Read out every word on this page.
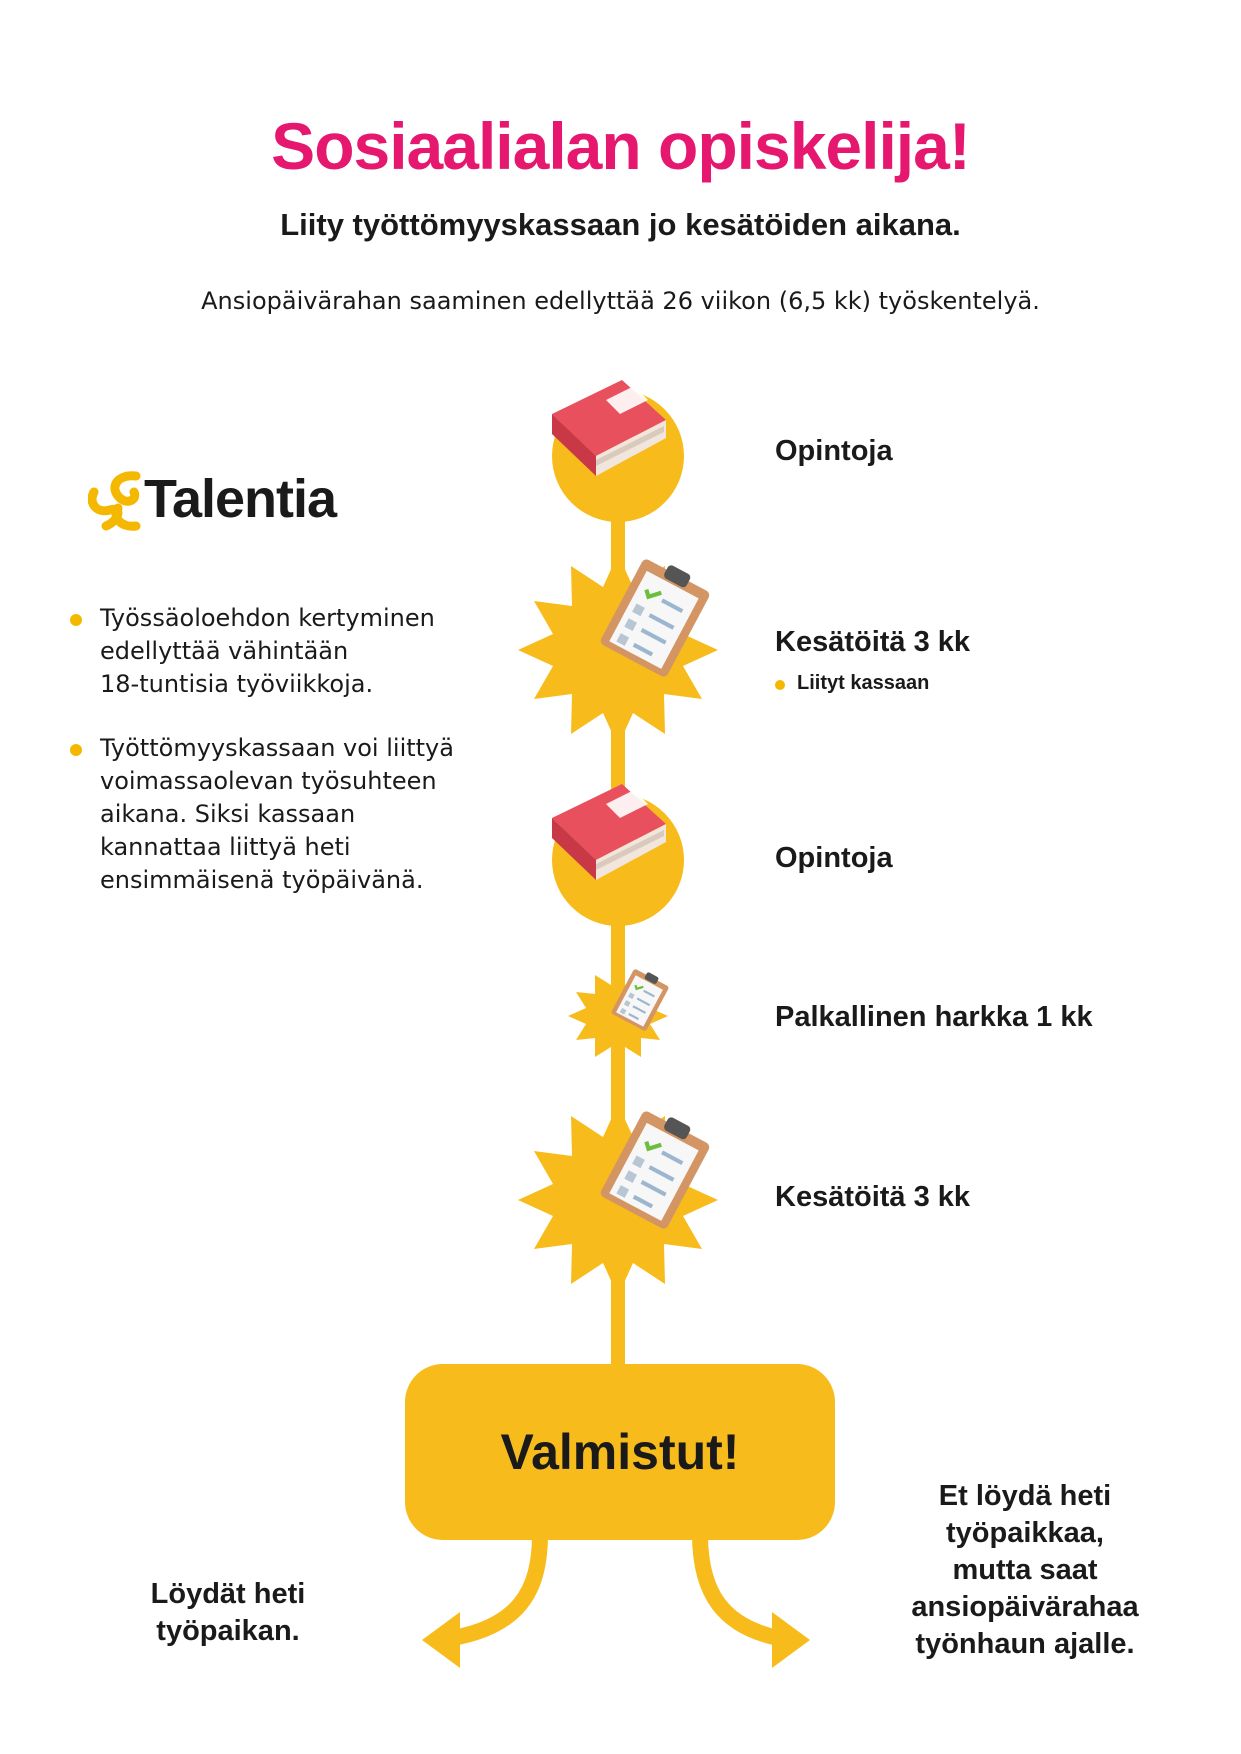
Sosiaalialan opiskelija!
Liity työttömyyskassaan jo kesätöiden aikana.
Ansiopäivärahan saaminen edellyttää 26 viikon (6,5 kk) työskentelyä.
Talentia
Työssäoloehdon kertyminen
edellyttää vähintään
18-tuntisia työviikkoja.
Työttömyyskassaan voi liittyä
voimassaolevan työsuhteen
aikana. Siksi kassaan
kannattaa liittyä heti
ensimmäisenä työpäivänä.
Opintoja
Kesätöitä 3 kk
Liityt kassaan
Opintoja
Palkallinen harkka 1 kk
Kesätöitä 3 kk
Valmistut!
Löydät heti
työpaikan.
Et löydä heti
työpaikkaa,
mutta saat
ansiopäivärahaa
työnhaun ajalle.
